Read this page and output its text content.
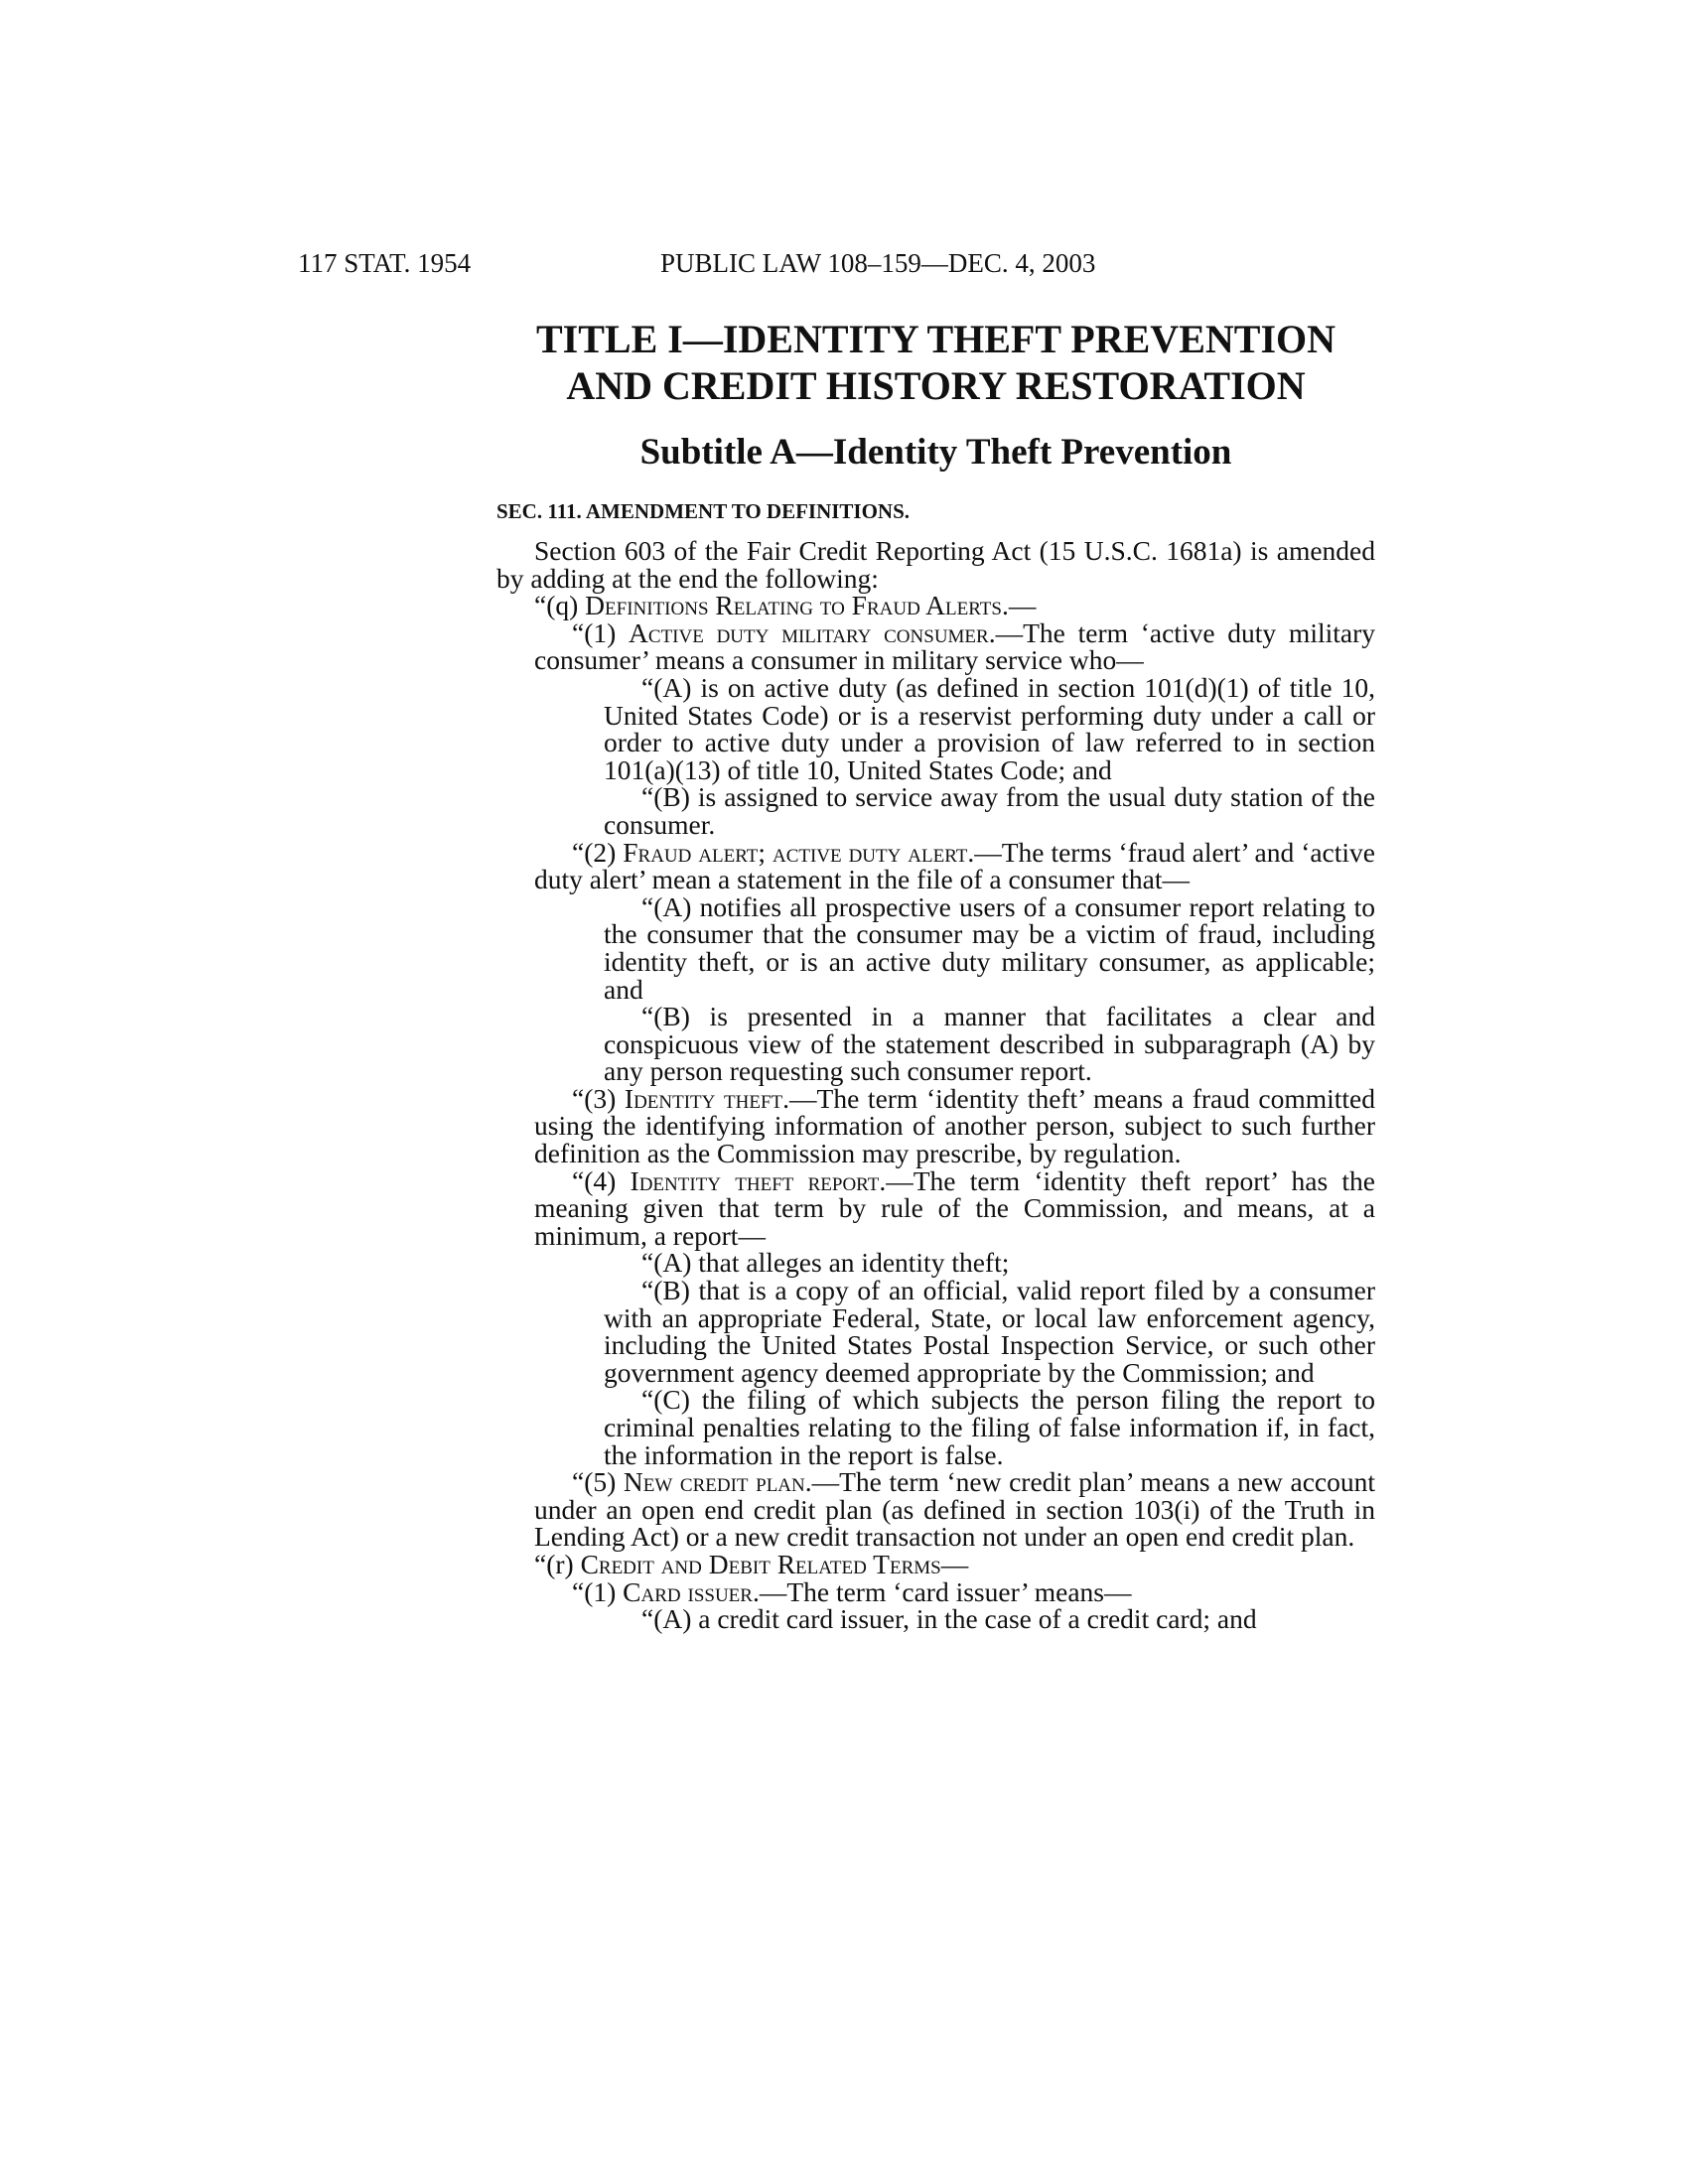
117 STAT. 1954	PUBLIC LAW 108–159—DEC. 4, 2003

TITLE I—IDENTITY THEFT PREVENTION

AND CREDIT HISTORY RESTORATION

Subtitle A—Identity Theft Prevention

SEC. 111. AMENDMENT TO DEFINITIONS.

Section 603 of the Fair Credit Reporting Act (15 U.S.C. 1681a) is amended by adding at the end the following:

“(q) Definitions Relating to Fraud Alerts.—

“(1) Active duty military consumer.—The term ‘active duty military consumer’ means a consumer in military service who—

“(A) is on active duty (as defined in section 101(d)(1) of title 10, United States Code) or is a reservist performing duty under a call or order to active duty under a provision of law referred to in section 101(a)(13) of title 10, United States Code; and

“(B) is assigned to service away from the usual duty station of the consumer.

“(2) Fraud alert; active duty alert.—The terms ‘fraud alert’ and ‘active duty alert’ mean a statement in the file of a consumer that—

“(A) notifies all prospective users of a consumer report relating to the consumer that the consumer may be a victim of fraud, including identity theft, or is an active duty military consumer, as applicable; and

“(B) is presented in a manner that facilitates a clear and conspicuous view of the statement described in subparagraph (A) by any person requesting such consumer report.

“(3) Identity theft.—The term ‘identity theft’ means a fraud committed using the identifying information of another person, subject to such further definition as the Commission may prescribe, by regulation.

“(4) Identity theft report.—The term ‘identity theft report’ has the meaning given that term by rule of the Commission, and means, at a minimum, a report—

“(A) that alleges an identity theft;

“(B) that is a copy of an official, valid report filed by a consumer with an appropriate Federal, State, or local law enforcement agency, including the United States Postal Inspection Service, or such other government agency deemed appropriate by the Commission; and

“(C) the filing of which subjects the person filing the report to criminal penalties relating to the filing of false information if, in fact, the information in the report is false.

“(5) New credit plan.—The term ‘new credit plan’ means a new account under an open end credit plan (as defined in section 103(i) of the Truth in Lending Act) or a new credit transaction not under an open end credit plan.

“(r) Credit and Debit Related Terms—

“(1) Card issuer.—The term ‘card issuer’ means—

“(A) a credit card issuer, in the case of a credit card; and
